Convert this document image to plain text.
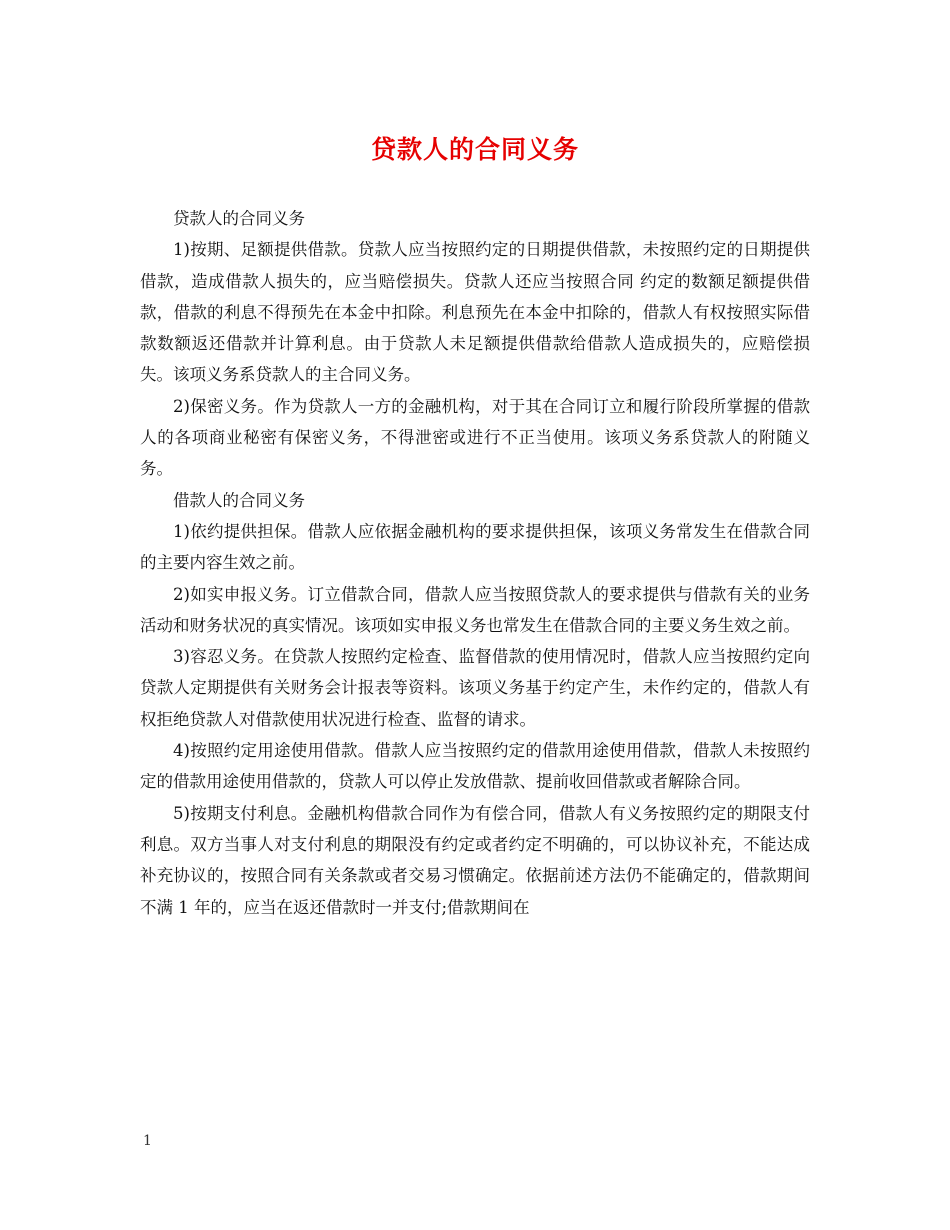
贷款人的合同义务

贷款人的合同义务

1)按期、足额提供借款。贷款人应当按照约定的日期提供借款，未按照约定的日期提供借款，造成借款人损失的，应当赔偿损失。贷款人还应当按照合同 约定的数额足额提供借款，借款的利息不得预先在本金中扣除。利息预先在本金中扣除的，借款人有权按照实际借款数额返还借款并计算利息。由于贷款人未足额提供借款给借款人造成损失的，应赔偿损失。该项义务系贷款人的主合同义务。

2)保密义务。作为贷款人一方的金融机构，对于其在合同订立和履行阶段所掌握的借款人的各项商业秘密有保密义务，不得泄密或进行不正当使用。该项义务系贷款人的附随义务。

借款人的合同义务

1)依约提供担保。借款人应依据金融机构的要求提供担保，该项义务常发生在借款合同的主要内容生效之前。

2)如实申报义务。订立借款合同，借款人应当按照贷款人的要求提供与借款有关的业务活动和财务状况的真实情况。该项如实申报义务也常发生在借款合同的主要义务生效之前。

3)容忍义务。在贷款人按照约定检查、监督借款的使用情况时，借款人应当按照约定向贷款人定期提供有关财务会计报表等资料。该项义务基于约定产生，未作约定的，借款人有权拒绝贷款人对借款使用状况进行检查、监督的请求。

4)按照约定用途使用借款。借款人应当按照约定的借款用途使用借款，借款人未按照约定的借款用途使用借款的，贷款人可以停止发放借款、提前收回借款或者解除合同。

5)按期支付利息。金融机构借款合同作为有偿合同，借款人有义务按照约定的期限支付利息。双方当事人对支付利息的期限没有约定或者约定不明确的，可以协议补充，不能达成补充协议的，按照合同有关条款或者交易习惯确定。依据前述方法仍不能确定的，借款期间不满 1 年的，应当在返还借款时一并支付;借款期间在

1
